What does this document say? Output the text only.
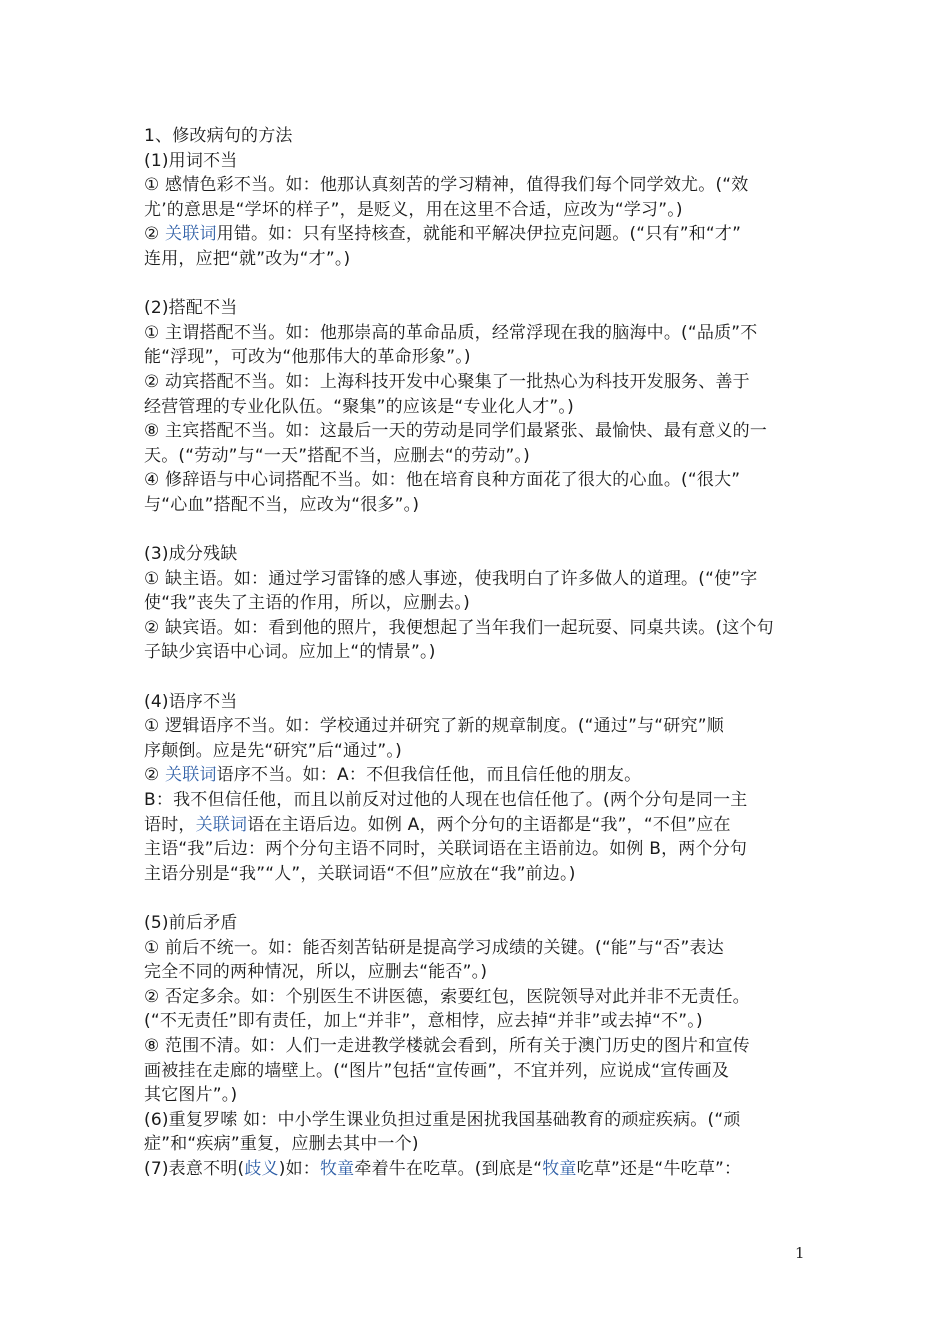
1、修改病句的方法
(1)用词不当
① 感情色彩不当。如：他那认真刻苦的学习精神，值得我们每个同学效尤。(“效
尤’的意思是“学坏的样子”，是贬义，用在这里不合适，应改为“学习”。)
② 关联词用错。如：只有坚持核查，就能和平解决伊拉克问题。(“只有”和“才”
连用，应把“就”改为“才”。)
(2)搭配不当
① 主谓搭配不当。如：他那崇高的革命品质，经常浮现在我的脑海中。(“品质”不
能“浮现”，可改为“他那伟大的革命形象”。)
② 动宾搭配不当。如：上海科技开发中心聚集了一批热心为科技开发服务、善于
经营管理的专业化队伍。“聚集”的应该是“专业化人才”。)
⑧ 主宾搭配不当。如：这最后一天的劳动是同学们最紧张、最愉快、最有意义的一
天。(“劳动”与“一天”搭配不当，应删去“的劳动”。)
④ 修辞语与中心词搭配不当。如：他在培育良种方面花了很大的心血。(“很大”
与“心血”搭配不当，应改为“很多”。)
(3)成分残缺
① 缺主语。如：通过学习雷锋的感人事迹，使我明白了许多做人的道理。(“使”字
使“我”丧失了主语的作用，所以，应删去。)
② 缺宾语。如：看到他的照片，我便想起了当年我们一起玩耍、同桌共读。(这个句
子缺少宾语中心词。应加上“的情景”。)
(4)语序不当
① 逻辑语序不当。如：学校通过并研究了新的规章制度。(“通过”与“研究”顺
序颠倒。应是先“研究”后“通过”。)
② 关联词语序不当。如：A：不但我信任他，而且信任他的朋友。
B：我不但信任他，而且以前反对过他的人现在也信任他了。(两个分句是同一主
语时，关联词语在主语后边。如例 A，两个分句的主语都是“我”，“不但”应在
主语“我”后边：两个分句主语不同时，关联词语在主语前边。如例 B，两个分句
主语分别是“我”“人”，关联词语“不但”应放在“我”前边。)
(5)前后矛盾
① 前后不统一。如：能否刻苦钻研是提高学习成绩的关键。(“能”与“否”表达
完全不同的两种情况，所以，应删去“能否”。)
② 否定多余。如：个别医生不讲医德，索要红包，医院领导对此并非不无责任。
(“不无责任”即有责任，加上“并非”，意相悖，应去掉“并非”或去掉“不”。)
⑧ 范围不清。如：人们一走进教学楼就会看到，所有关于澳门历史的图片和宣传
画被挂在走廊的墙壁上。(“图片”包括“宣传画”，不宜并列，应说成“宣传画及
其它图片”。)
(6)重复罗嗦 如：中小学生课业负担过重是困扰我国基础教育的顽症疾病。(“顽
症”和“疾病”重复，应删去其中一个)
(7)表意不明(歧义)如：牧童牵着牛在吃草。(到底是“牧童吃草”还是“牛吃草”：
1
